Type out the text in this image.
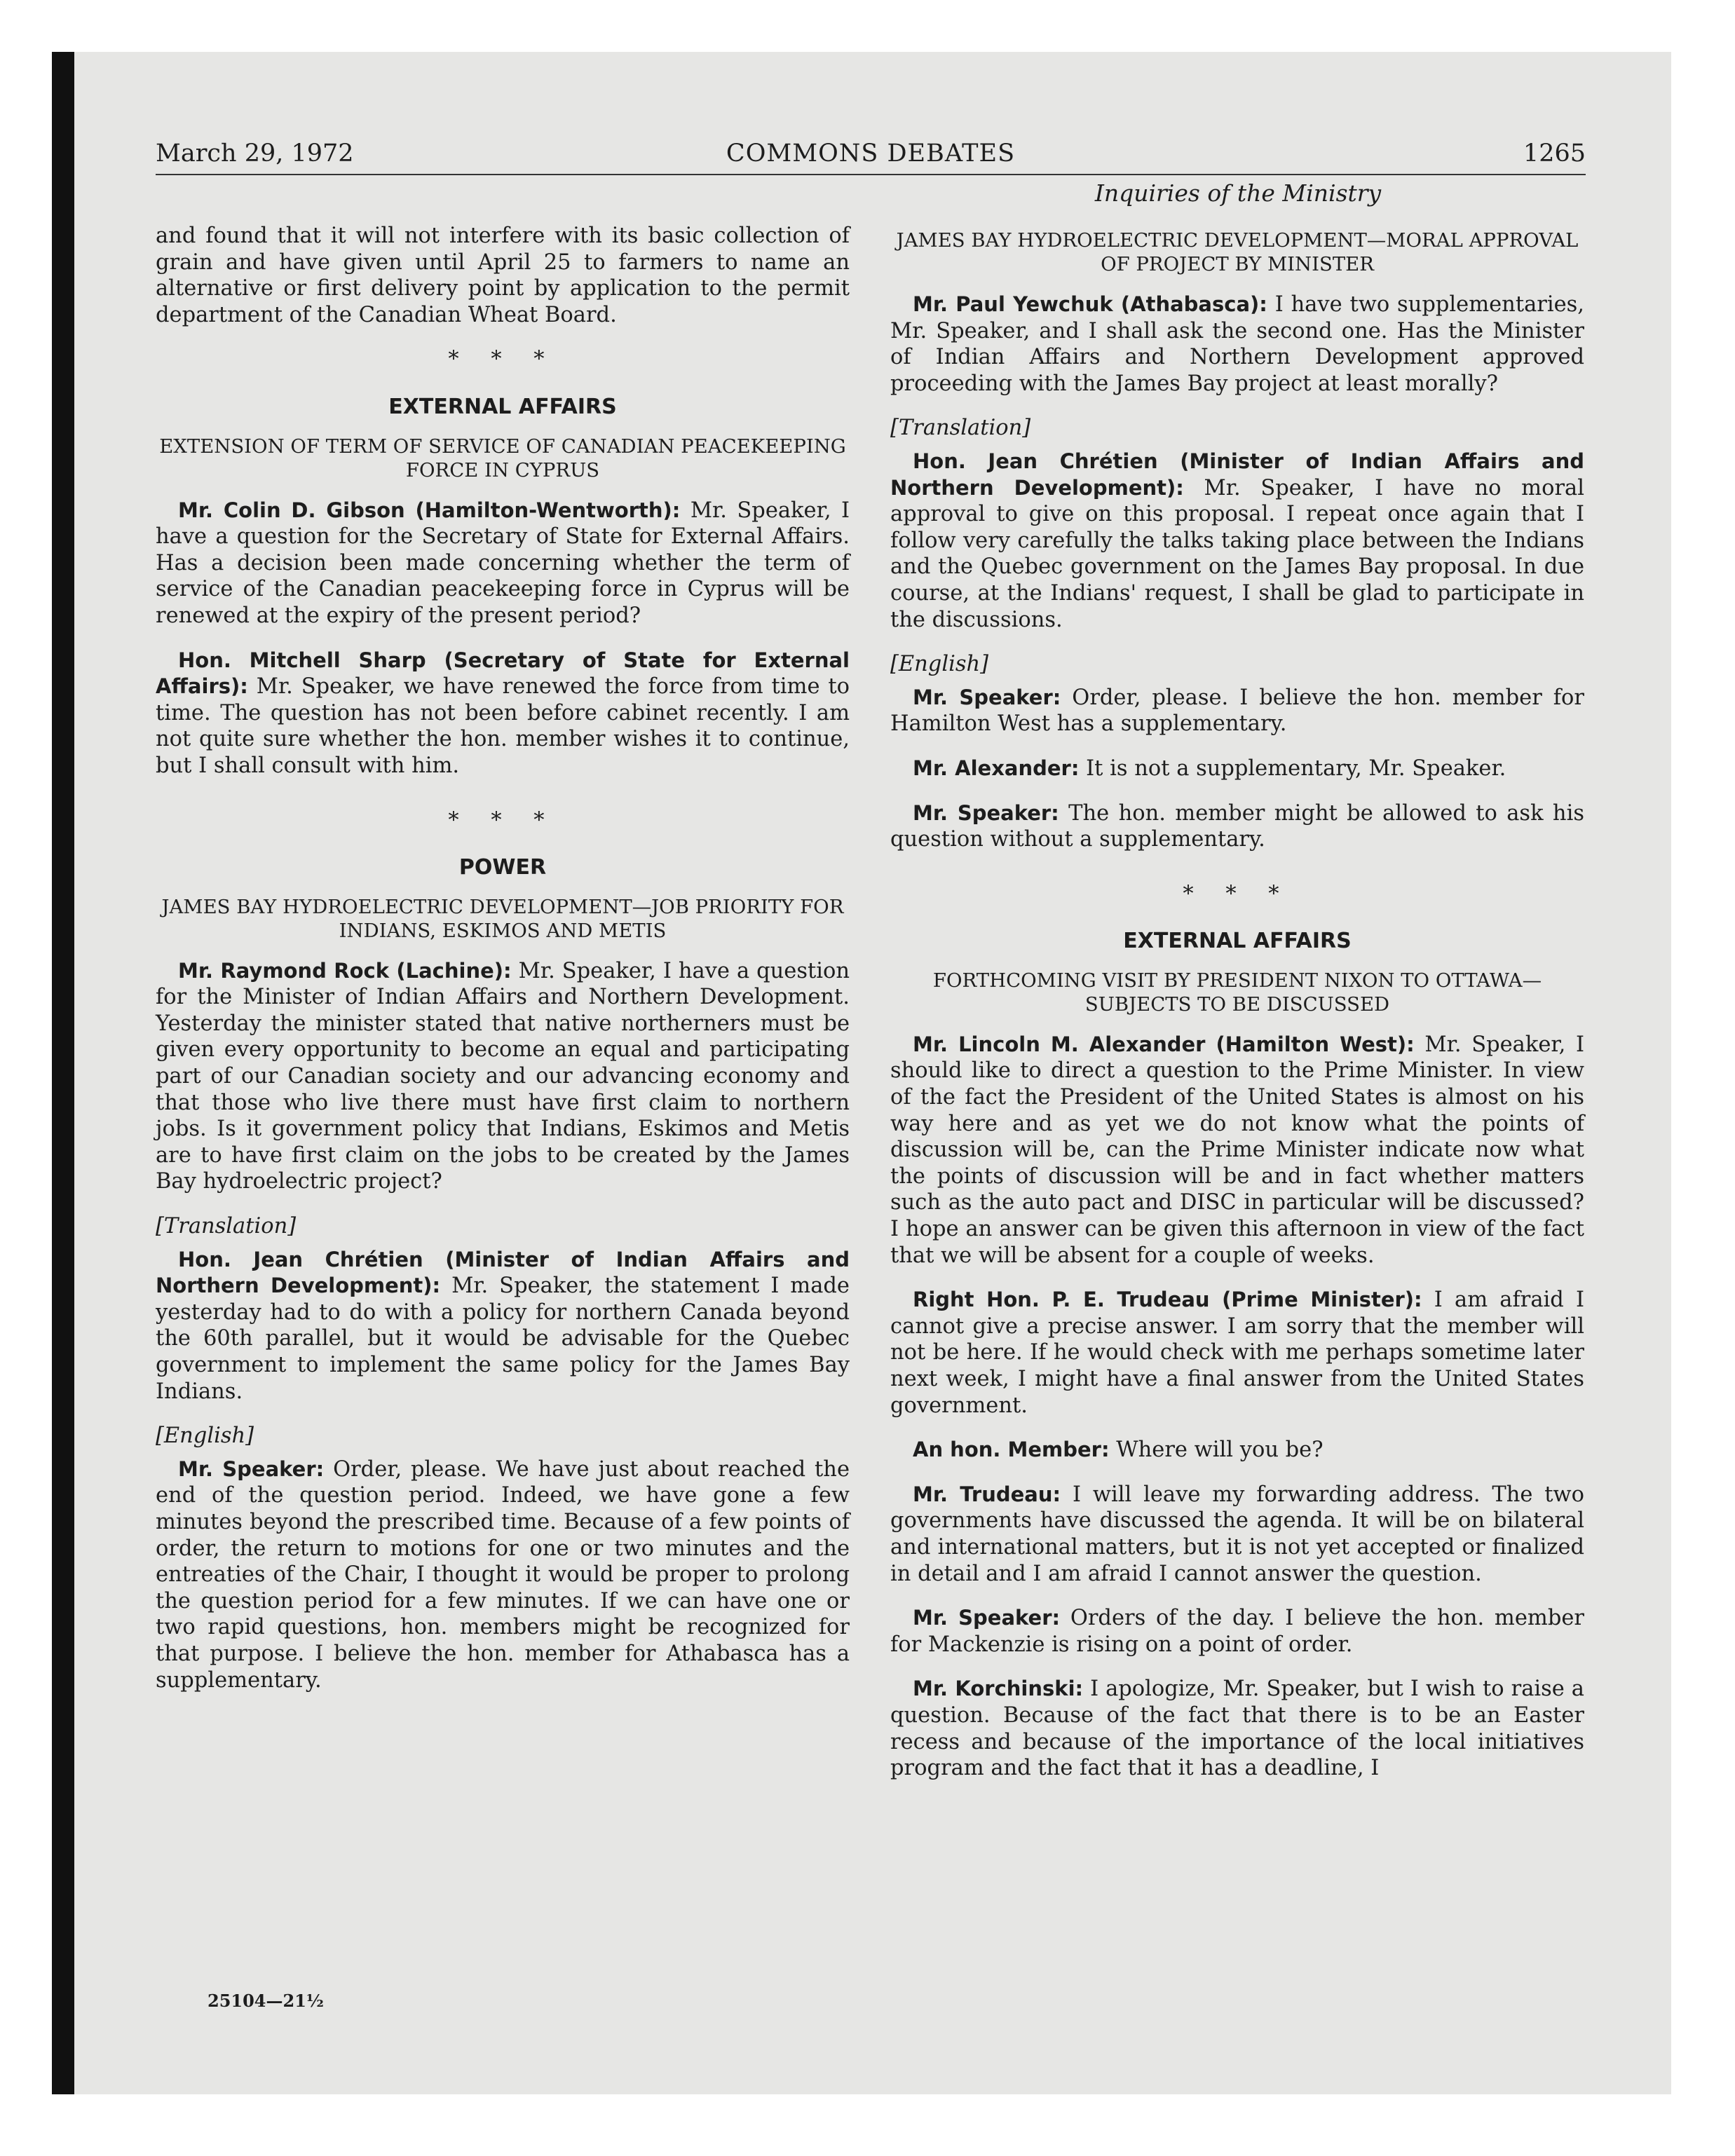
March 29, 1972	COMMONS DEBATES	1265
Inquiries of the Ministry

and found that it will not interfere with its basic collection of grain and have given until April 25 to farmers to name an alternative or first delivery point by application to the permit department of the Canadian Wheat Board.

* * *
EXTERNAL AFFAIRS
EXTENSION OF TERM OF SERVICE OF CANADIAN PEACEKEEPING FORCE IN CYPRUS

Mr. Colin D. Gibson (Hamilton-Wentworth): Mr. Speaker, I have a question for the Secretary of State for External Affairs. Has a decision been made concerning whether the term of service of the Canadian peacekeeping force in Cyprus will be renewed at the expiry of the present period?

Hon. Mitchell Sharp (Secretary of State for External Affairs): Mr. Speaker, we have renewed the force from time to time. The question has not been before cabinet recently. I am not quite sure whether the hon. member wishes it to continue, but I shall consult with him.

* * *
POWER
JAMES BAY HYDROELECTRIC DEVELOPMENT—JOB PRIORITY FOR INDIANS, ESKIMOS AND METIS

Mr. Raymond Rock (Lachine): Mr. Speaker, I have a question for the Minister of Indian Affairs and Northern Development. Yesterday the minister stated that native northerners must be given every opportunity to become an equal and participating part of our Canadian society and our advancing economy and that those who live there must have first claim to northern jobs. Is it government policy that Indians, Eskimos and Metis are to have first claim on the jobs to be created by the James Bay hydroelectric project?

[Translation]

Hon. Jean Chrétien (Minister of Indian Affairs and Northern Development): Mr. Speaker, the statement I made yesterday had to do with a policy for northern Canada beyond the 60th parallel, but it would be advisable for the Quebec government to implement the same policy for the James Bay Indians.

[English]

Mr. Speaker: Order, please. We have just about reached the end of the question period. Indeed, we have gone a few minutes beyond the prescribed time. Because of a few points of order, the return to motions for one or two minutes and the entreaties of the Chair, I thought it would be proper to prolong the question period for a few minutes. If we can have one or two rapid questions, hon. members might be recognized for that purpose. I believe the hon. member for Athabasca has a supplementary.

JAMES BAY HYDROELECTRIC DEVELOPMENT—MORAL APPROVAL OF PROJECT BY MINISTER

Mr. Paul Yewchuk (Athabasca): I have two supplementaries, Mr. Speaker, and I shall ask the second one. Has the Minister of Indian Affairs and Northern Development approved proceeding with the James Bay project at least morally?

[Translation]

Hon. Jean Chrétien (Minister of Indian Affairs and Northern Development): Mr. Speaker, I have no moral approval to give on this proposal. I repeat once again that I follow very carefully the talks taking place between the Indians and the Quebec government on the James Bay proposal. In due course, at the Indians' request, I shall be glad to participate in the discussions.

[English]

Mr. Speaker: Order, please. I believe the hon. member for Hamilton West has a supplementary.

Mr. Alexander: It is not a supplementary, Mr. Speaker.

Mr. Speaker: The hon. member might be allowed to ask his question without a supplementary.

* * *
EXTERNAL AFFAIRS
FORTHCOMING VISIT BY PRESIDENT NIXON TO OTTAWA—SUBJECTS TO BE DISCUSSED

Mr. Lincoln M. Alexander (Hamilton West): Mr. Speaker, I should like to direct a question to the Prime Minister. In view of the fact the President of the United States is almost on his way here and as yet we do not know what the points of discussion will be, can the Prime Minister indicate now what the points of discussion will be and in fact whether matters such as the auto pact and DISC in particular will be discussed? I hope an answer can be given this afternoon in view of the fact that we will be absent for a couple of weeks.

Right Hon. P. E. Trudeau (Prime Minister): I am afraid I cannot give a precise answer. I am sorry that the member will not be here. If he would check with me perhaps sometime later next week, I might have a final answer from the United States government.

An hon. Member: Where will you be?

Mr. Trudeau: I will leave my forwarding address. The two governments have discussed the agenda. It will be on bilateral and international matters, but it is not yet accepted or finalized in detail and I am afraid I cannot answer the question.

Mr. Speaker: Orders of the day. I believe the hon. member for Mackenzie is rising on a point of order.

Mr. Korchinski: I apologize, Mr. Speaker, but I wish to raise a question. Because of the fact that there is to be an Easter recess and because of the importance of the local initiatives program and the fact that it has a deadline, I

25104—21½
